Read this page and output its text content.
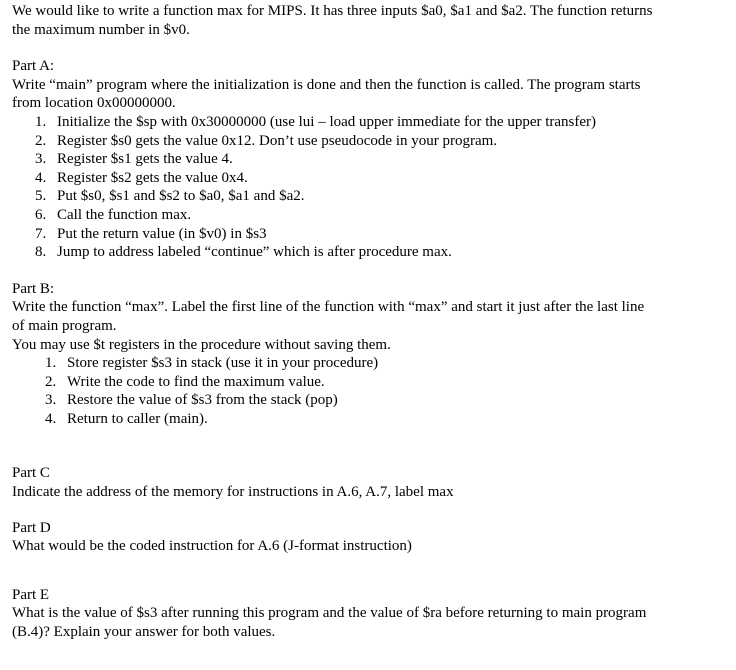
We would like to write a function max for MIPS. It has three inputs $a0, $a1 and $a2. The function returns
the maximum number in $v0.
Part A:
Write “main” program where the initialization is done and then the function is called. The program starts
from location 0x00000000.
1. Initialize the $sp with 0x30000000 (use lui – load upper immediate for the upper transfer)
2. Register $s0 gets the value 0x12. Don’t use pseudocode in your program.
3. Register $s1 gets the value 4.
4. Register $s2 gets the value 0x4.
5. Put $s0, $s1 and $s2 to $a0, $a1 and $a2.
6. Call the function max.
7. Put the return value (in $v0) in $s3
8. Jump to address labeled “continue” which is after procedure max.
Part B:
Write the function “max”. Label the first line of the function with “max” and start it just after the last line
of main program.
You may use $t registers in the procedure without saving them.
1. Store register $s3 in stack (use it in your procedure)
2. Write the code to find the maximum value.
3. Restore the value of $s3 from the stack (pop)
4. Return to caller (main).
Part C
Indicate the address of the memory for instructions in A.6, A.7, label max
Part D
What would be the coded instruction for A.6 (J-format instruction)
Part E
What is the value of $s3 after running this program and the value of $ra before returning to main program
(B.4)? Explain your answer for both values.
